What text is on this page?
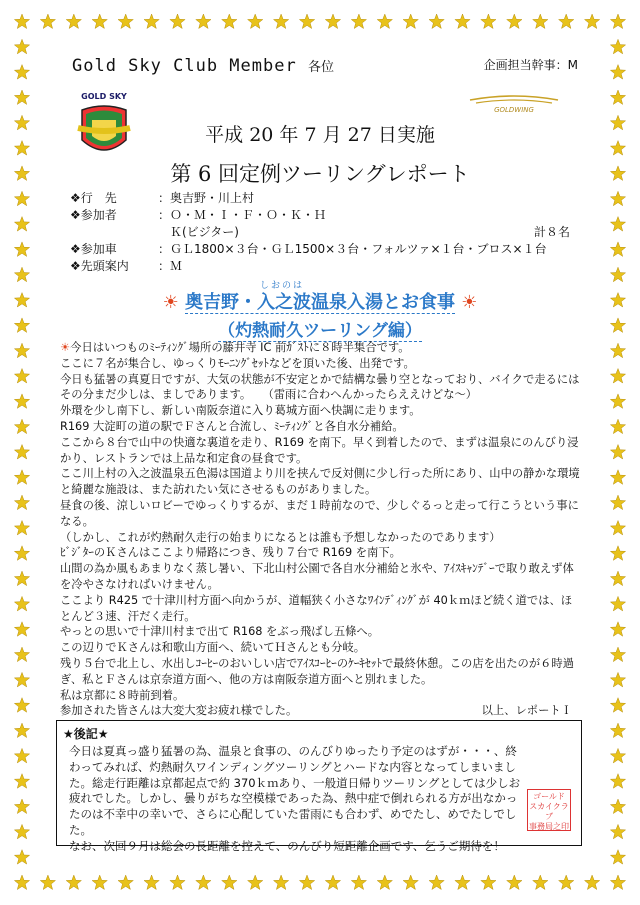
Gold Sky Club Member 各位	企画担当幹事：M
GOLD SKY
GOLDWING
平成 20 年 7 月 27 日実施
第 6 回定例ツーリングレポート
❖行　先	：奥吉野・川上村
❖参加者	：Ｏ・Ｍ・Ｉ・Ｆ・Ｏ・Ｋ・Ｈ
Ｋ(ビジター)	計８名
❖参加車	：ＧＬ1800×３台・ＧＬ1500×３台・フォルツァ×１台・ブロス×１台
❖先頭案内	：Ｍ
しおのは
☀ 奥吉野・入之波温泉入湯とお食事 ☀
（灼熱耐久ツーリング編）

☀今日はいつものﾐｰﾃｨﾝｸﾞ場所の藤井寺 IC 前ｶﾞｽﾄに８時半集合です。

ここに７名が集合し、ゆっくりﾓｰﾆﾝｸﾞｾｯﾄなどを頂いた後、出発です。

今日も猛暑の真夏日ですが、大気の状態が不安定とかで結構な曇り空となっており、バイクで走るにはその分まだ少しは、ましであります。　　（雷雨に合わへんかったらええけどな～）

外環を少し南下し、新しい南阪奈道に入り葛城方面へ快調に走ります。

R169 大淀町の道の駅でＦさんと合流し、ﾐｰﾃｨﾝｸﾞと各自水分補給。

ここから８台で山中の快適な裏道を走り、R169 を南下。早く到着したので、まずは温泉にのんびり浸かり、レストランでは上品な和定食の昼食です。

ここ川上村の入之波温泉五色湯は国道より川を挟んで反対側に少し行った所にあり、山中の静かな環境と綺麗な施設は、また訪れたい気にさせるものがありました。

昼食の後、涼しいロビーでゆっくりするが、まだ１時前なので、少しぐるっと走って行こうという事になる。

（しかし、これが灼熱耐久走行の始まりになるとは誰も予想しなかったのであります）

ﾋﾞｼﾞﾀｰのＫさんはここより帰路につき、残り７台で R169 を南下。

山間の為か風もあまりなく蒸し暑い、下北山村公園で各自水分補給と氷や、ｱｲｽｷｬﾝﾃﾞｰで取り敢えず体を冷やさなければいけません。

ここより R425 で十津川村方面へ向かうが、道幅狭く小さなﾜｲﾝﾃﾞｨﾝｸﾞが 40ｋｍほど続く道では、ほとんど３速、汗だく走行。

やっとの思いで十津川村まで出て R168 をぶっ飛ばし五條へ。

この辺りでＫさんは和歌山方面へ、続いてＨさんとも分岐。

残り５台で北上し、水出しｺｰﾋｰのおいしい店でｱｲｽｺｰﾋｰのｹｰｷｾｯﾄで最終休憩。この店を出たのが６時過ぎ、私とＦさんは京奈道方面へ、他の方は南阪奈道方面へと別れました。

私は京都に８時前到着。

参加された皆さんは大変大変お疲れ様でした。	以上、レポートＩ

★後記★
今日は夏真っ盛り猛暑の為、温泉と食事の、のんびりゆったり予定のはずが・・・、終わってみれば、灼熱耐久ワインディングツーリングとハードな内容となってしまいました。総走行距離は京都起点で約 370ｋｍあり、一般道日帰りツーリングとしては少しお疲れでした。しかし、曇りがちな空模様であった為、熱中症で倒れられる方が出なかったのは不幸中の幸いで、さらに心配していた雷雨にも合わず、めでたし、めでたしでした。
なお、次回９月は総会の長距離を控えて、のんびり短距離企画です、乞うご期待を！
ゴールド
スカイクラブ
事務局之印
